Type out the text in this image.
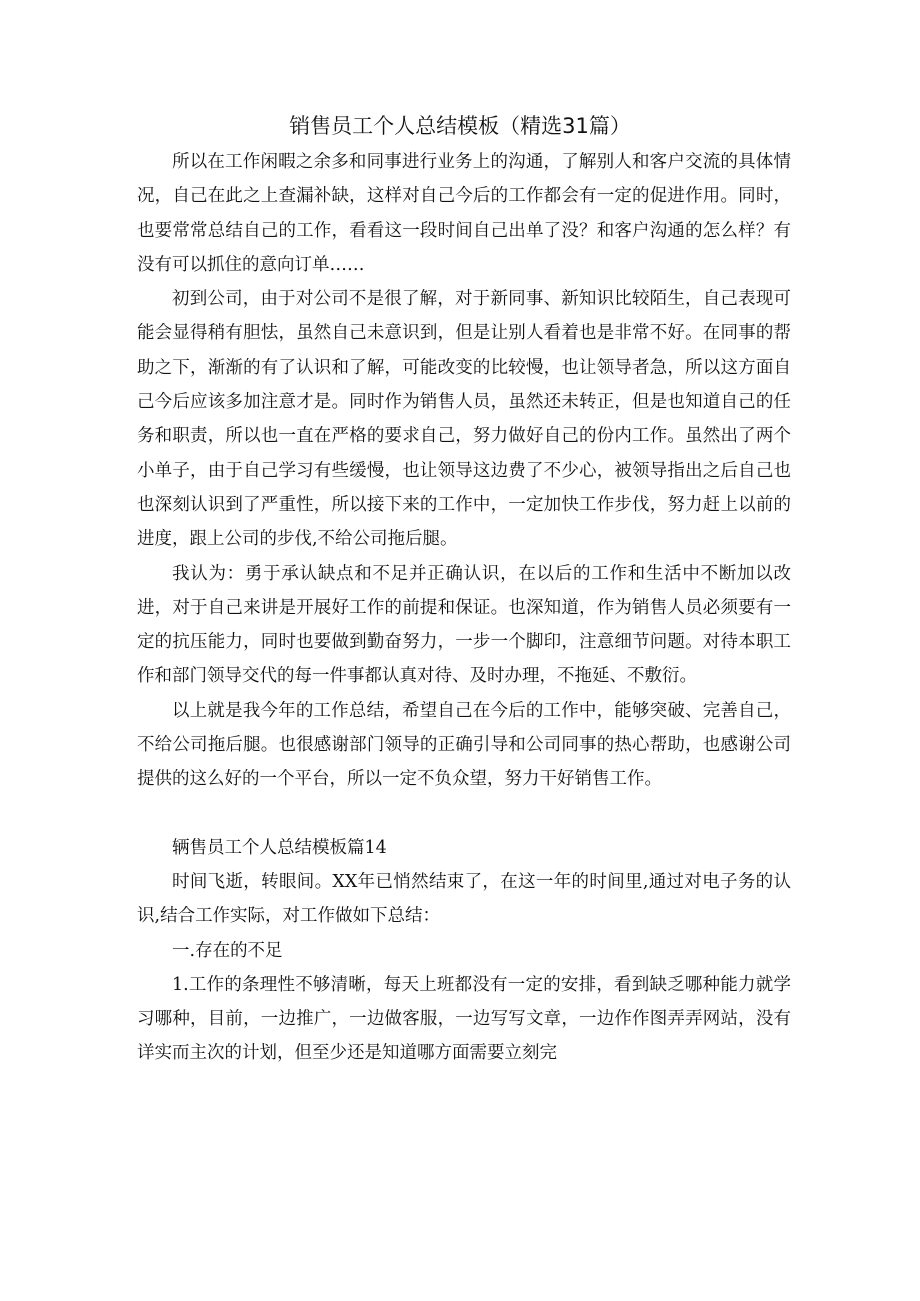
销售员工个人总结模板（精选31篇）

所以在工作闲暇之余多和同事进行业务上的沟通，了解别人和客户交流的具体情况，自己在此之上查漏补缺，这样对自己今后的工作都会有一定的促进作用。同时，也要常常总结自己的工作，看看这一段时间自己出单了没？和客户沟通的怎么样？有没有可以抓住的意向订单……

初到公司，由于对公司不是很了解，对于新同事、新知识比较陌生，自己表现可能会显得稍有胆怯，虽然自己未意识到，但是让别人看着也是非常不好。在同事的帮助之下，渐渐的有了认识和了解，可能改变的比较慢，也让领导者急，所以这方面自己今后应该多加注意才是。同时作为销售人员，虽然还未转正，但是也知道自己的任务和职责，所以也一直在严格的要求自己，努力做好自己的份内工作。虽然出了两个小单子，由于自己学习有些缓慢，也让领导这边费了不少心，被领导指出之后自己也也深刻认识到了严重性，所以接下来的工作中，一定加快工作步伐，努力赶上以前的进度，跟上公司的步伐,不给公司拖后腿。

我认为：勇于承认缺点和不足并正确认识，在以后的工作和生活中不断加以改进，对于自己来讲是开展好工作的前提和保证。也深知道，作为销售人员必须要有一定的抗压能力，同时也要做到勤奋努力，一步一个脚印，注意细节问题。对待本职工作和部门领导交代的每一件事都认真对待、及时办理，不拖延、不敷衍。

以上就是我今年的工作总结，希望自己在今后的工作中，能够突破、完善自己，不给公司拖后腿。也很感谢部门领导的正确引导和公司同事的热心帮助，也感谢公司提供的这么好的一个平台，所以一定不负众望，努力干好销售工作。

辆售员工个人总结模板篇14

时间飞逝，转眼间。XX年已悄然结束了，在这一年的时间里,通过对电子务的认识,结合工作实际，对工作做如下总结：

一.存在的不足

1.工作的条理性不够清晰，每天上班都没有一定的安排，看到缺乏哪种能力就学习哪种，目前，一边推广，一边做客服，一边写写文章，一边作作图弄弄网站，没有详实而主次的计划，但至少还是知道哪方面需要立刻完
